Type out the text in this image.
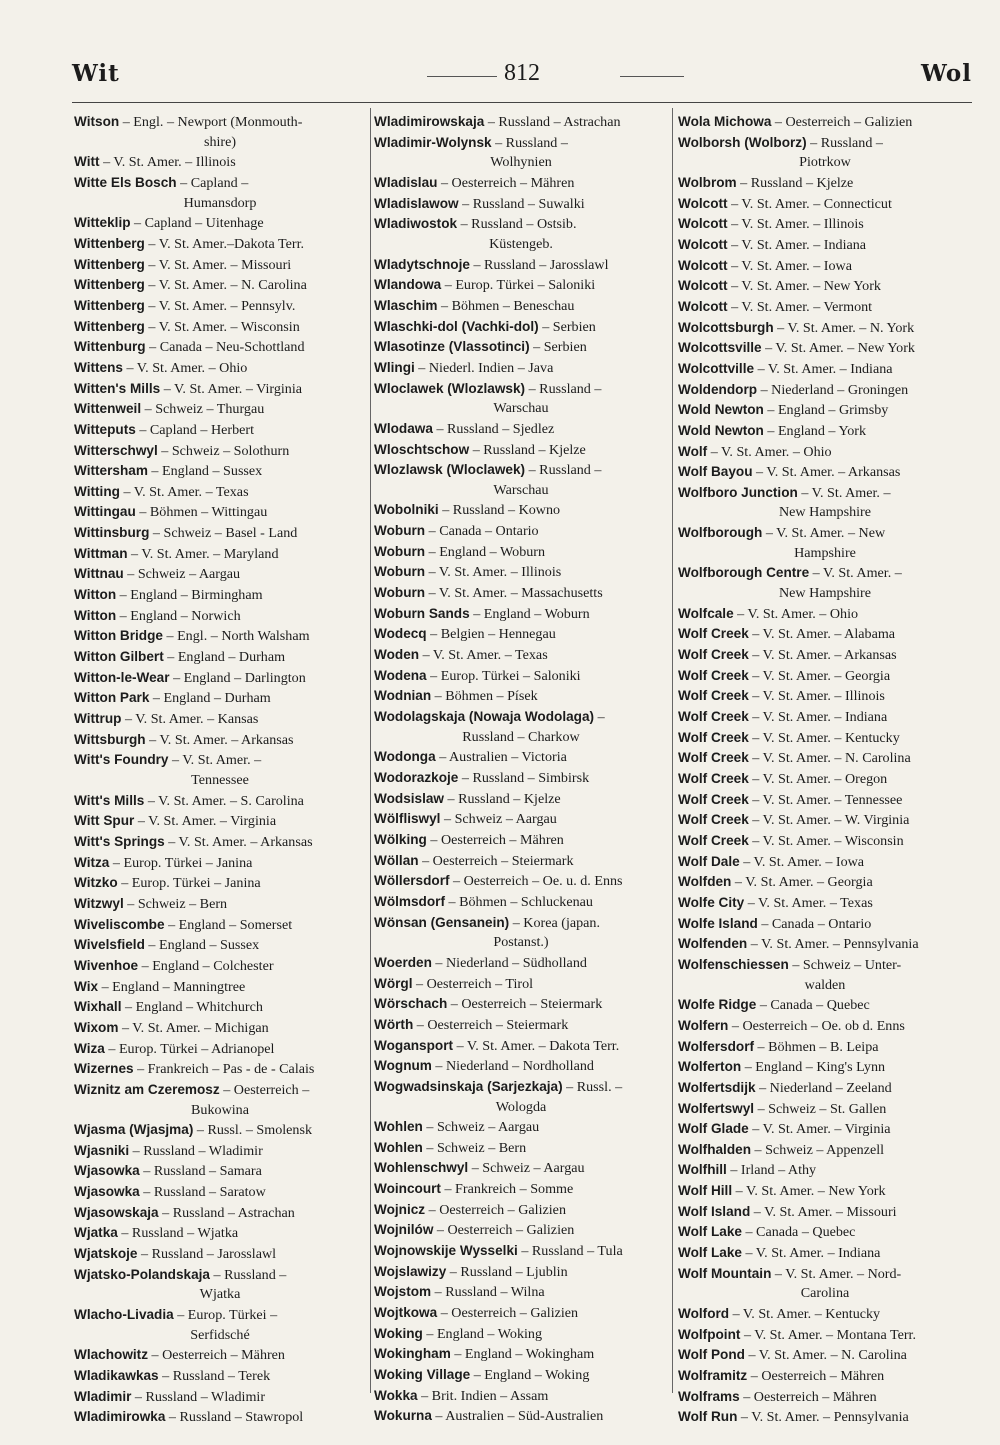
Wit	812	Wol
Witson – Engl. – Newport (Monmouth-
shire)
Witt – V. St. Amer. – Illinois
Witte Els Bosch – Capland –
Humansdorp
Witteklip – Capland – Uitenhage
Wittenberg – V. St. Amer.–Dakota Terr.
Wittenberg – V. St. Amer. – Missouri
Wittenberg – V. St. Amer. – N. Carolina
Wittenberg – V. St. Amer. – Pennsylv.
Wittenberg – V. St. Amer. – Wisconsin
Wittenburg – Canada – Neu-Schottland
Wittens – V. St. Amer. – Ohio
Witten's Mills – V. St. Amer. – Virginia
Wittenweil – Schweiz – Thurgau
Witteputs – Capland – Herbert
Witterschwyl – Schweiz – Solothurn
Wittersham – England – Sussex
Witting – V. St. Amer. – Texas
Wittingau – Böhmen – Wittingau
Wittinsburg – Schweiz – Basel - Land
Wittman – V. St. Amer. – Maryland
Wittnau – Schweiz – Aargau
Witton – England – Birmingham
Witton – England – Norwich
Witton Bridge – Engl. – North Walsham
Witton Gilbert – England – Durham
Witton-le-Wear – England – Darlington
Witton Park – England – Durham
Wittrup – V. St. Amer. – Kansas
Wittsburgh – V. St. Amer. – Arkansas
Witt's Foundry – V. St. Amer. –
Tennessee
Witt's Mills – V. St. Amer. – S. Carolina
Witt Spur – V. St. Amer. – Virginia
Witt's Springs – V. St. Amer. – Arkansas
Witza – Europ. Türkei – Janina
Witzko – Europ. Türkei – Janina
Witzwyl – Schweiz – Bern
Wiveliscombe – England – Somerset
Wivelsfield – England – Sussex
Wivenhoe – England – Colchester
Wix – England – Manningtree
Wixhall – England – Whitchurch
Wixom – V. St. Amer. – Michigan
Wiza – Europ. Türkei – Adrianopel
Wizernes – Frankreich – Pas - de - Calais
Wiznitz am Czeremosz – Oesterreich –
Bukowina
Wjasma (Wjasjma) – Russl. – Smolensk
Wjasniki – Russland – Wladimir
Wjasowka – Russland – Samara
Wjasowka – Russland – Saratow
Wjasowskaja – Russland – Astrachan
Wjatka – Russland – Wjatka
Wjatskoje – Russland – Jarosslawl
Wjatsko-Polandskaja – Russland –
Wjatka
Wlacho-Livadia – Europ. Türkei –
Serfidsché
Wlachowitz – Oesterreich – Mähren
Wladikawkas – Russland – Terek
Wladimir – Russland – Wladimir
Wladimirowka – Russland – Stawropol
Wladimirowskaja – Russland – Astrachan
Wladimir-Wolynsk – Russland –
Wolhynien
Wladislau – Oesterreich – Mähren
Wladislawow – Russland – Suwalki
Wladiwostok – Russland – Ostsib.
Küstengeb.
Wladytschnoje – Russland – Jarosslawl
Wlandowa – Europ. Türkei – Saloniki
Wlaschim – Böhmen – Beneschau
Wlaschki-dol (Vachki-dol) – Serbien
Wlasotinze (Vlassotinci) – Serbien
Wlingi – Niederl. Indien – Java
Wloclawek (Wlozlawsk) – Russland –
Warschau
Wlodawa – Russland – Sjedlez
Wloschtschow – Russland – Kjelze
Wlozlawsk (Wloclawek) – Russland –
Warschau
Wobolniki – Russland – Kowno
Woburn – Canada – Ontario
Woburn – England – Woburn
Woburn – V. St. Amer. – Illinois
Woburn – V. St. Amer. – Massachusetts
Woburn Sands – England – Woburn
Wodecq – Belgien – Hennegau
Woden – V. St. Amer. – Texas
Wodena – Europ. Türkei – Saloniki
Wodnian – Böhmen – Písek
Wodolagskaja (Nowaja Wodolaga) –
Russland – Charkow
Wodonga – Australien – Victoria
Wodorazkoje – Russland – Simbirsk
Wodsislaw – Russland – Kjelze
Wölfliswyl – Schweiz – Aargau
Wölking – Oesterreich – Mähren
Wöllan – Oesterreich – Steiermark
Wöllersdorf – Oesterreich – Oe. u. d. Enns
Wölmsdorf – Böhmen – Schluckenau
Wönsan (Gensanein) – Korea (japan.
Postanst.)
Woerden – Niederland – Südholland
Wörgl – Oesterreich – Tirol
Wörschach – Oesterreich – Steiermark
Wörth – Oesterreich – Steiermark
Wogansport – V. St. Amer. – Dakota Terr.
Wognum – Niederland – Nordholland
Wogwadsinskaja (Sarjezkaja) – Russl. –
Wologda
Wohlen – Schweiz – Aargau
Wohlen – Schweiz – Bern
Wohlenschwyl – Schweiz – Aargau
Woincourt – Frankreich – Somme
Wojnicz – Oesterreich – Galizien
Wojnilów – Oesterreich – Galizien
Wojnowskije Wysselki – Russland – Tula
Wojslawizy – Russland – Ljublin
Wojstom – Russland – Wilna
Wojtkowa – Oesterreich – Galizien
Woking – England – Woking
Wokingham – England – Wokingham
Woking Village – England – Woking
Wokka – Brit. Indien – Assam
Wokurna – Australien – Süd-Australien
Wola Michowa – Oesterreich – Galizien
Wolborsh (Wolborz) – Russland –
Piotrkow
Wolbrom – Russland – Kjelze
Wolcott – V. St. Amer. – Connecticut
Wolcott – V. St. Amer. – Illinois
Wolcott – V. St. Amer. – Indiana
Wolcott – V. St. Amer. – Iowa
Wolcott – V. St. Amer. – New York
Wolcott – V. St. Amer. – Vermont
Wolcottsburgh – V. St. Amer. – N. York
Wolcottsville – V. St. Amer. – New York
Wolcottville – V. St. Amer. – Indiana
Woldendorp – Niederland – Groningen
Wold Newton – England – Grimsby
Wold Newton – England – York
Wolf – V. St. Amer. – Ohio
Wolf Bayou – V. St. Amer. – Arkansas
Wolfboro Junction – V. St. Amer. –
New Hampshire
Wolfborough – V. St. Amer. – New
Hampshire
Wolfborough Centre – V. St. Amer. –
New Hampshire
Wolfcale – V. St. Amer. – Ohio
Wolf Creek – V. St. Amer. – Alabama
Wolf Creek – V. St. Amer. – Arkansas
Wolf Creek – V. St. Amer. – Georgia
Wolf Creek – V. St. Amer. – Illinois
Wolf Creek – V. St. Amer. – Indiana
Wolf Creek – V. St. Amer. – Kentucky
Wolf Creek – V. St. Amer. – N. Carolina
Wolf Creek – V. St. Amer. – Oregon
Wolf Creek – V. St. Amer. – Tennessee
Wolf Creek – V. St. Amer. – W. Virginia
Wolf Creek – V. St. Amer. – Wisconsin
Wolf Dale – V. St. Amer. – Iowa
Wolfden – V. St. Amer. – Georgia
Wolfe City – V. St. Amer. – Texas
Wolfe Island – Canada – Ontario
Wolfenden – V. St. Amer. – Pennsylvania
Wolfenschiessen – Schweiz – Unter-
walden
Wolfe Ridge – Canada – Quebec
Wolfern – Oesterreich – Oe. ob d. Enns
Wolfersdorf – Böhmen – B. Leipa
Wolferton – England – King's Lynn
Wolfertsdijk – Niederland – Zeeland
Wolfertswyl – Schweiz – St. Gallen
Wolf Glade – V. St. Amer. – Virginia
Wolfhalden – Schweiz – Appenzell
Wolfhill – Irland – Athy
Wolf Hill – V. St. Amer. – New York
Wolf Island – V. St. Amer. – Missouri
Wolf Lake – Canada – Quebec
Wolf Lake – V. St. Amer. – Indiana
Wolf Mountain – V. St. Amer. – Nord-
Carolina
Wolford – V. St. Amer. – Kentucky
Wolfpoint – V. St. Amer. – Montana Terr.
Wolf Pond – V. St. Amer. – N. Carolina
Wolframitz – Oesterreich – Mähren
Wolframs – Oesterreich – Mähren
Wolf Run – V. St. Amer. – Pennsylvania
